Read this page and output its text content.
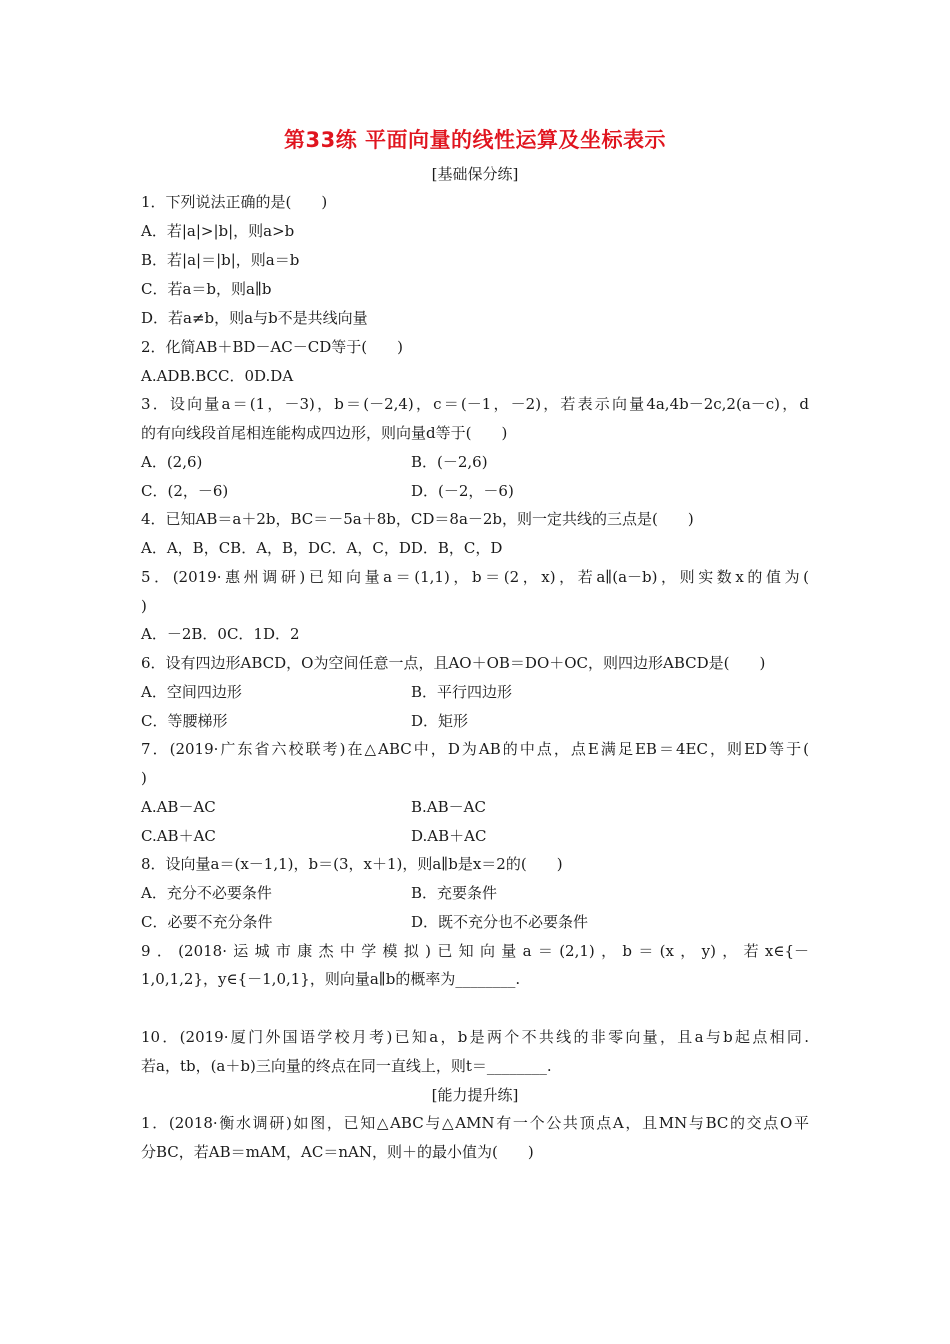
第33练 平面向量的线性运算及坐标表示
[基础保分练]
1．下列说法正确的是(　　)
A．若|a|>|b|，则a>b
B．若|a|＝|b|，则a＝b
C．若a＝b，则a∥b
D．若a≠b，则a与b不是共线向量
2．化简AB＋BD－AC－CD等于(　　)
A.ADB.BCC．0D.DA
3．设向量a＝(1，－3)，b＝(－2,4)，c＝(－1，－2)，若表示向量4a,4b－2c,2(a－c)，d
的有向线段首尾相连能构成四边形，则向量d等于(　　)
A．(2,6)	B．(－2,6)
C．(2，－6)	D．(－2，－6)
4．已知AB＝a＋2b，BC＝－5a＋8b，CD＝8a－2b，则一定共线的三点是(　　)
A．A，B，CB．A，B，DC．A，C，DD．B，C，D
5．(2019·惠州调研)已知向量a＝(1,1)，b＝(2，x)，若a∥(a－b)，则实数x的值为(
)
A．－2B．0C．1D．2
6．设有四边形ABCD，O为空间任意一点，且AO＋OB＝DO＋OC，则四边形ABCD是(　　)
A．空间四边形	B．平行四边形
C．等腰梯形	D．矩形
7．(2019·广东省六校联考)在△ABC中，D为AB的中点，点E满足EB＝4EC，则ED等于(
)
A.AB－AC	B.AB－AC
C.AB＋AC	D.AB＋AC
8．设向量a＝(x－1,1)，b＝(3，x＋1)，则a∥b是x＝2的(　　)
A．充分不必要条件	B．充要条件
C．必要不充分条件	D．既不充分也不必要条件
9．(2018·运城市康杰中学模拟)已知向量a＝(2,1)，b＝(x，y)，若x∈{－
1,0,1,2}，y∈{－1,0,1}，则向量a∥b的概率为________.
10．(2019·厦门外国语学校月考)已知a，b是两个不共线的非零向量，且a与b起点相同.
若a，tb，(a＋b)三向量的终点在同一直线上，则t＝________.
[能力提升练]
1．(2018·衡水调研)如图，已知△ABC与△AMN有一个公共顶点A，且MN与BC的交点O平
分BC，若AB＝mAM，AC＝nAN，则＋的最小值为(　　)
